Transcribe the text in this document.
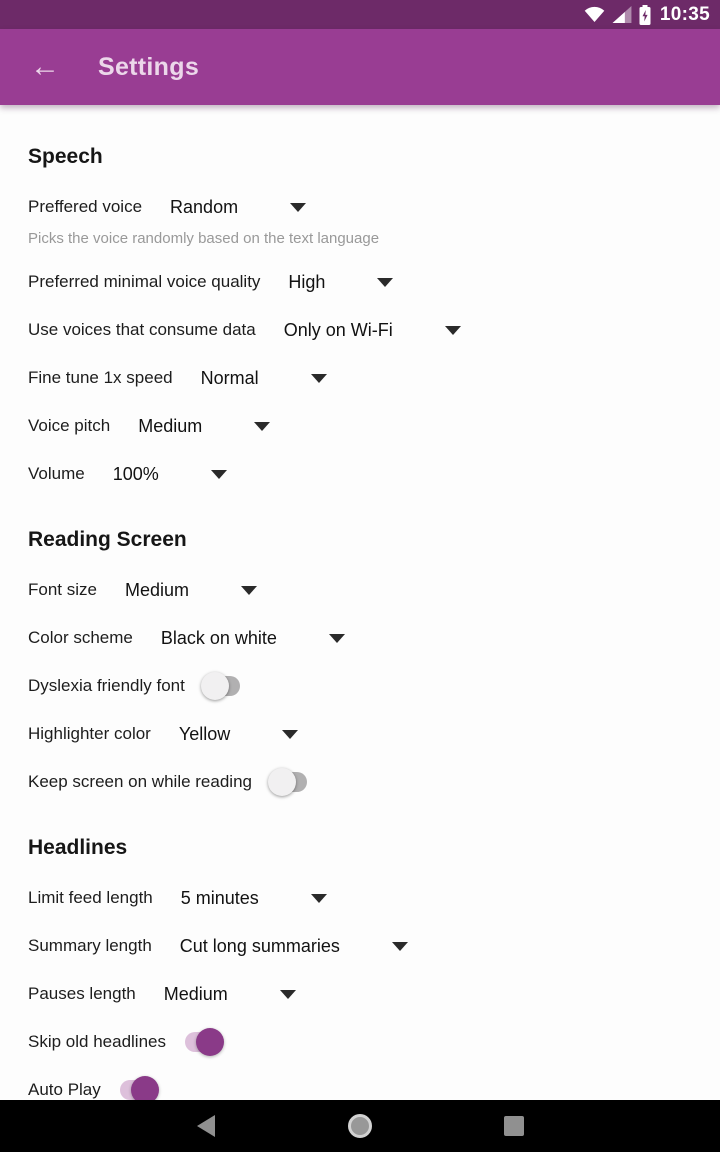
10:35
← Settings
Speech
Preffered voice Random
Picks the voice randomly based on the text language
Preferred minimal voice quality High
Use voices that consume data Only on Wi-Fi
Fine tune 1x speed Normal
Voice pitch Medium
Volume 100%
Reading Screen
Font size Medium
Color scheme Black on white
Dyslexia friendly font
Highlighter color Yellow
Keep screen on while reading
Headlines
Limit feed length 5 minutes
Summary length Cut long summaries
Pauses length Medium
Skip old headlines
Auto Play
